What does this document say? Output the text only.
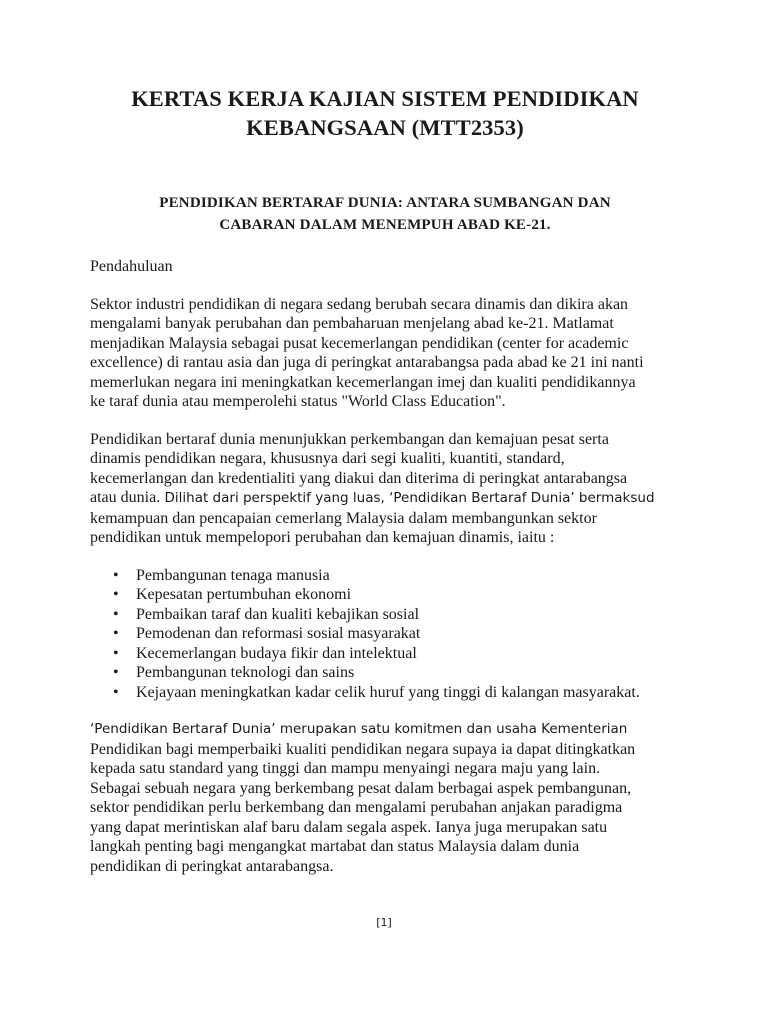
KERTAS KERJA KAJIAN SISTEM PENDIDIKAN
KEBANGSAAN (MTT2353)
PENDIDIKAN BERTARAF DUNIA: ANTARA SUMBANGAN DAN
CABARAN DALAM MENEMPUH ABAD KE-21.

Pendahuluan

Sektor industri pendidikan di negara sedang berubah secara dinamis dan dikira akan
mengalami banyak perubahan dan pembaharuan menjelang abad ke-21. Matlamat
menjadikan Malaysia sebagai pusat kecemerlangan pendidikan (center for academic
excellence) di rantau asia dan juga di peringkat antarabangsa pada abad ke 21 ini nanti
memerlukan negara ini meningkatkan kecemerlangan imej dan kualiti pendidikannya
ke taraf dunia atau memperolehi status "World Class Education".

Pendidikan bertaraf dunia menunjukkan perkembangan dan kemajuan pesat serta
dinamis pendidikan negara, khususnya dari segi kualiti, kuantiti, standard,
kecemerlangan dan kredentialiti yang diakui dan diterima di peringkat antarabangsa
atau dunia. Dilihat dari perspektif yang luas, ‘Pendidikan Bertaraf Dunia’ bermaksud
kemampuan dan pencapaian cemerlang Malaysia dalam membangunkan sektor
pendidikan untuk mempelopori perubahan dan kemajuan dinamis, iaitu :

• Pembangunan tenaga manusia
• Kepesatan pertumbuhan ekonomi
• Pembaikan taraf dan kualiti kebajikan sosial
• Pemodenan dan reformasi sosial masyarakat
• Kecemerlangan budaya fikir dan intelektual
• Pembangunan teknologi dan sains
• Kejayaan meningkatkan kadar celik huruf yang tinggi di kalangan masyarakat.

‘Pendidikan Bertaraf Dunia’ merupakan satu komitmen dan usaha Kementerian
Pendidikan bagi memperbaiki kualiti pendidikan negara supaya ia dapat ditingkatkan
kepada satu standard yang tinggi dan mampu menyaingi negara maju yang lain.
Sebagai sebuah negara yang berkembang pesat dalam berbagai aspek pembangunan,
sektor pendidikan perlu berkembang dan mengalami perubahan anjakan paradigma
yang dapat merintiskan alaf baru dalam segala aspek. Ianya juga merupakan satu
langkah penting bagi mengangkat martabat dan status Malaysia dalam dunia
pendidikan di peringkat antarabangsa.

[1]
